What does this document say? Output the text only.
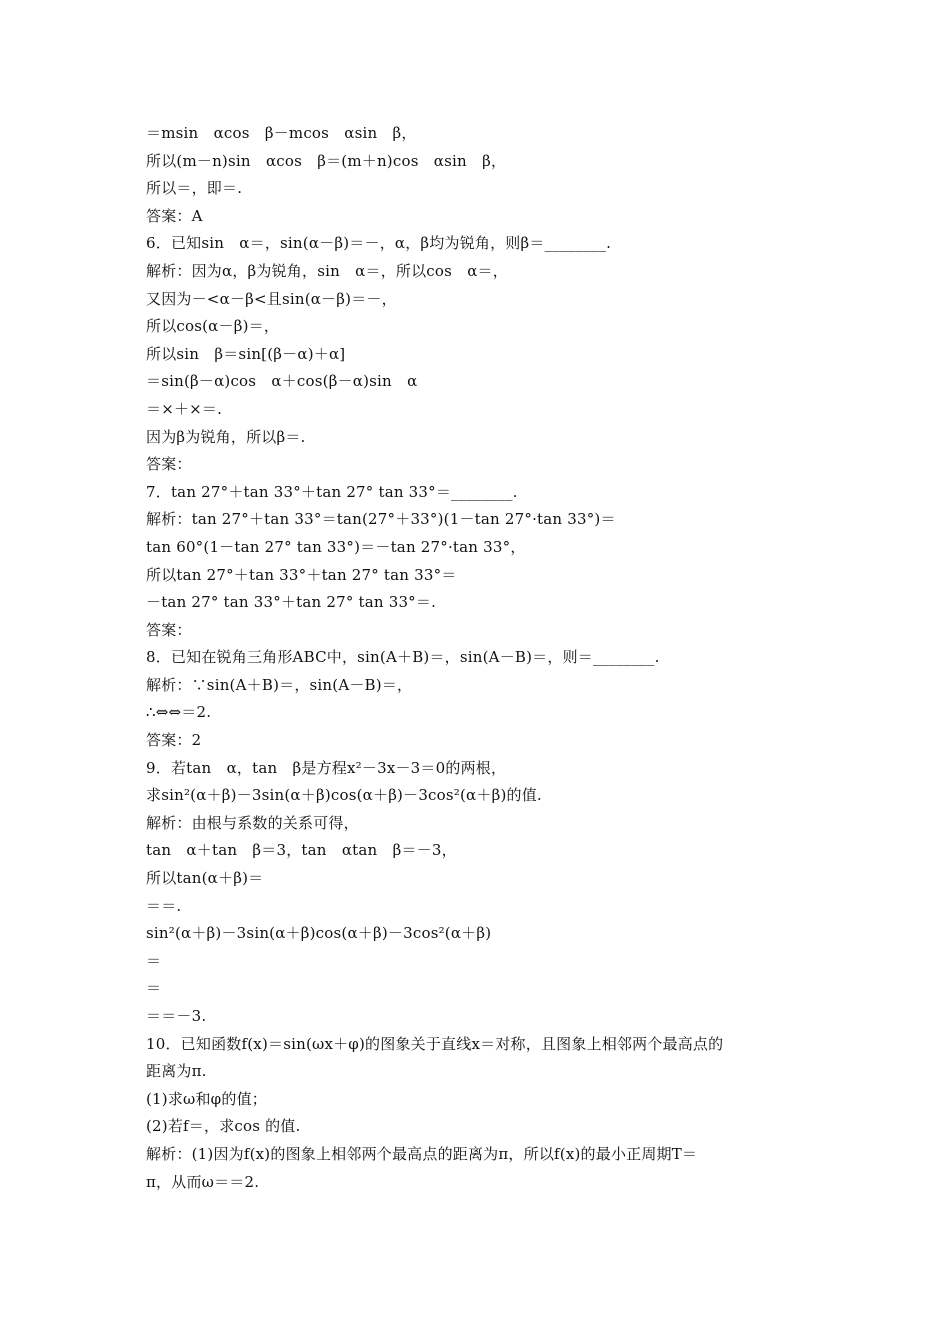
＝msin　αcos　β－mcos　αsin　β，
所以(m－n)sin　αcos　β＝(m＋n)cos　αsin　β，
所以＝，即＝.
答案：A
6．已知sin　α＝，sin(α－β)＝－，α，β均为锐角，则β＝________.
解析：因为α，β为锐角，sin　α＝，所以cos　α＝，
又因为－<α－β<且sin(α－β)＝－，
所以cos(α－β)＝，
所以sin　β＝sin[(β－α)＋α]
＝sin(β－α)cos　α＋cos(β－α)sin　α
＝×＋×＝.
因为β为锐角，所以β＝.
答案：
7．tan 27°＋tan 33°＋tan 27° tan 33°＝________.
解析：tan 27°＋tan 33°＝tan(27°＋33°)(1－tan 27°·tan 33°)＝
tan 60°(1－tan 27° tan 33°)＝－tan 27°·tan 33°，
所以tan 27°＋tan 33°＋tan 27° tan 33°＝
－tan 27° tan 33°＋tan 27° tan 33°＝.
答案：
8．已知在锐角三角形ABC中，sin(A＋B)＝，sin(A－B)＝，则＝________.
解析：∵sin(A＋B)＝，sin(A－B)＝，
∴⇔⇔＝2.
答案：2
9．若tan　α，tan　β是方程x²－3x－3＝0的两根，
求sin²(α＋β)－3sin(α＋β)cos(α＋β)－3cos²(α＋β)的值.
解析：由根与系数的关系可得，
tan　α＋tan　β＝3，tan　αtan　β＝－3，
所以tan(α＋β)＝
＝＝.
sin²(α＋β)－3sin(α＋β)cos(α＋β)－3cos²(α＋β)
＝
＝
＝＝－3.
10．已知函数f(x)＝sin(ωx＋φ)的图象关于直线x＝对称，且图象上相邻两个最高点的
距离为π.
(1)求ω和φ的值；
(2)若f＝，求cos 的值.
解析：(1)因为f(x)的图象上相邻两个最高点的距离为π，所以f(x)的最小正周期T＝
π，从而ω＝＝2.
